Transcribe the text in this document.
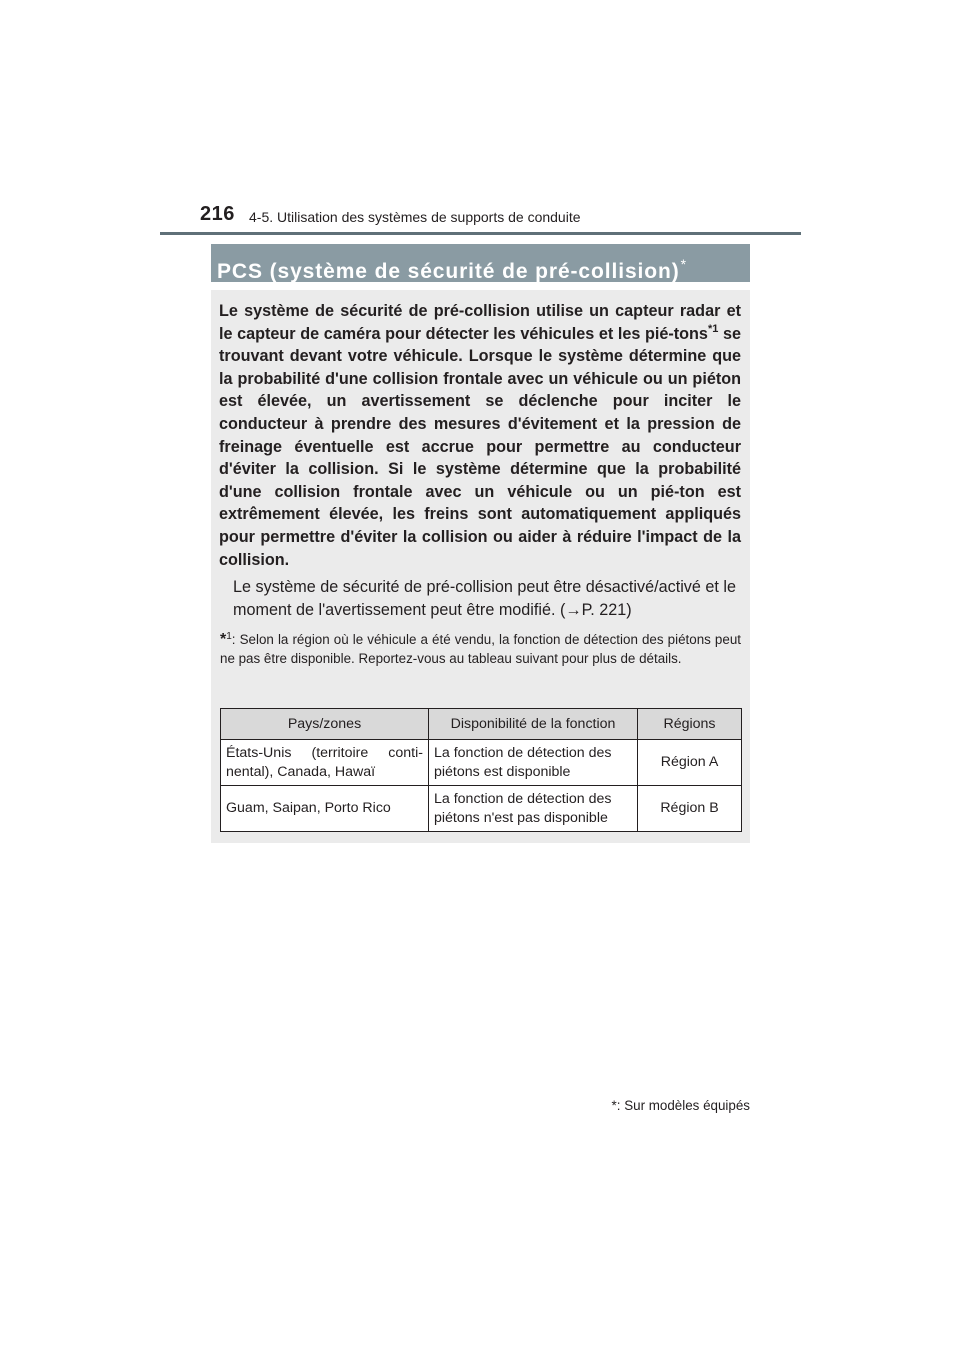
216 4-5. Utilisation des systèmes de supports de conduite
PCS (système de sécurité de pré-collision)*

Le système de sécurité de pré-collision utilise un capteur radar et le capteur de caméra pour détecter les véhicules et les pié-tons$^{*1}$ se trouvant devant votre véhicule. Lorsque le système détermine que la probabilité d'une collision frontale avec un véhicule ou un piéton est élevée, un avertissement se déclenche pour inciter le conducteur à prendre des mesures d'évitement et la pression de freinage éventuelle est accrue pour permettre au conducteur d'éviter la collision. Si le système détermine que la probabilité d'une collision frontale avec un véhicule ou un pié-ton est extrêmement élevée, les freins sont automatiquement appliqués pour permettre d'éviter la collision ou aider à réduire l'impact de la collision.

Le système de sécurité de pré-collision peut être désactivé/activé et le moment de l'avertissement peut être modifié. (→P. 221)

*$^1$: Selon la région où le véhicule a été vendu, la fonction de détection des piétons peut ne pas être disponible. Reportez-vous au tableau suivant pour plus de détails.

Pays/zones	Disponibilité de la fonction	Régions
États-Unis (territoire conti-nental), Canada, Hawaï	La fonction de détection des piétons est disponible	Région A
Guam, Saipan, Porto Rico	La fonction de détection des piétons n'est pas disponible	Région B
*: Sur modèles équipés
